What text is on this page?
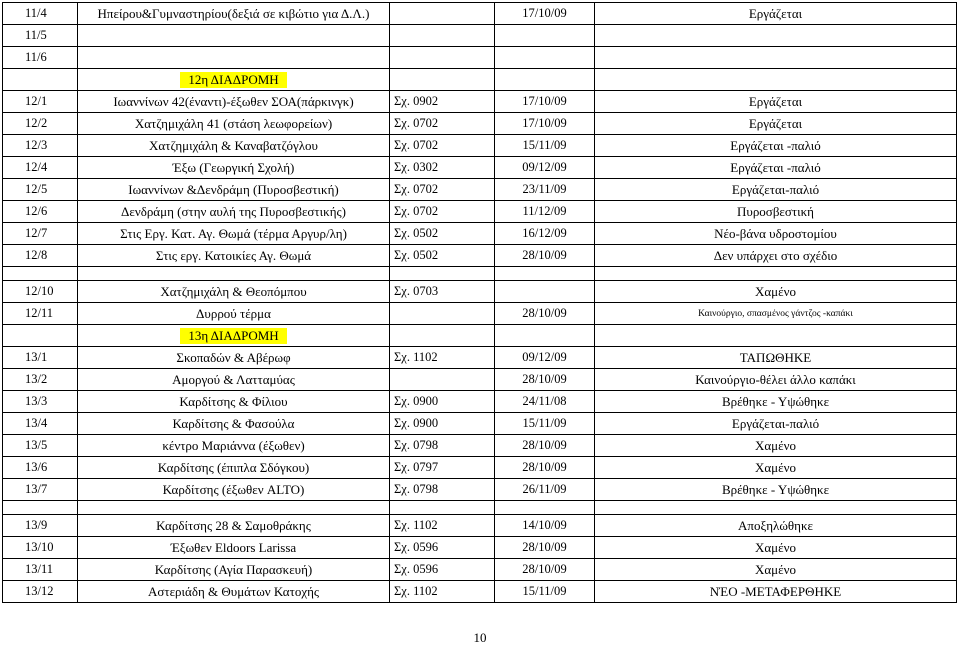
11/4	Ηπείρου&Γυμναστηρίου(δεξιά σε κιβώτιο για Δ.Λ.)		17/10/09	Εργάζεται
11/5				
11/6				
	12η ΔΙΑΔΡΟΜΗ			
12/1	Ιωαννίνων 42(έναντι)-έξωθεν ΣΟΑ(πάρκινγκ)	Σχ. 0902	17/10/09	Εργάζεται
12/2	Χατζημιχάλη 41 (στάση λεωφορείων)	Σχ. 0702	17/10/09	Εργάζεται
12/3	Χατζημιχάλη & Καναβατζόγλου	Σχ. 0702	15/11/09	Εργάζεται -παλιό
12/4	Έξω (Γεωργική Σχολή)	Σχ. 0302	09/12/09	Εργάζεται -παλιό
12/5	Ιωαννίνων &Δενδράμη (Πυροσβεστική)	Σχ. 0702	23/11/09	Εργάζεται-παλιό
12/6	Δενδράμη (στην αυλή της Πυροσβεστικής)	Σχ. 0702	11/12/09	Πυροσβεστική
12/7	Στις Εργ. Κατ. Αγ. Θωμά (τέρμα Αργυρ/λη)	Σχ. 0502	16/12/09	Νέο-βάνα υδροστομίου
12/8	Στις εργ. Κατοικίες Αγ. Θωμά	Σχ. 0502	28/10/09	Δεν υπάρχει στο σχέδιο

12/10	Χατζημιχάλη & Θεοπόμπου	Σχ. 0703		Χαμένο
12/11	Δυρρού τέρμα		28/10/09	Καινούργιο, σπασμένος γάντζος -καπάκι
	13η ΔΙΑΔΡΟΜΗ			
13/1	Σκοπαδών & Αβέρωφ	Σχ. 1102	09/12/09	ΤΑΠΩΘΗΚΕ
13/2	Αμοργού & Λατταμύας		28/10/09	Καινούργιο-θέλει άλλο καπάκι
13/3	Καρδίτσης & Φίλιου	Σχ. 0900	24/11/08	Βρέθηκε - Υψώθηκε
13/4	Καρδίτσης & Φασούλα	Σχ. 0900	15/11/09	Εργάζεται-παλιό
13/5	κέντρο Μαριάννα (έξωθεν)	Σχ. 0798	28/10/09	Χαμένο
13/6	Καρδίτσης (έπιπλα Σδόγκου)	Σχ. 0797	28/10/09	Χαμένο
13/7	Καρδίτσης (έξωθεν ALTO)	Σχ. 0798	26/11/09	Βρέθηκε - Υψώθηκε

13/9	Καρδίτσης 28 & Σαμοθράκης	Σχ. 1102	14/10/09	Αποξηλώθηκε
13/10	Έξωθεν Eldoors Larissa	Σχ. 0596	28/10/09	Χαμένο
13/11	Καρδίτσης (Αγία Παρασκευή)	Σχ. 0596	28/10/09	Χαμένο
13/12	Αστεριάδη & Θυμάτων Κατοχής	Σχ. 1102	15/11/09	ΝΈΟ -ΜΕΤΑΦΕΡΘΗΚΕ
10
